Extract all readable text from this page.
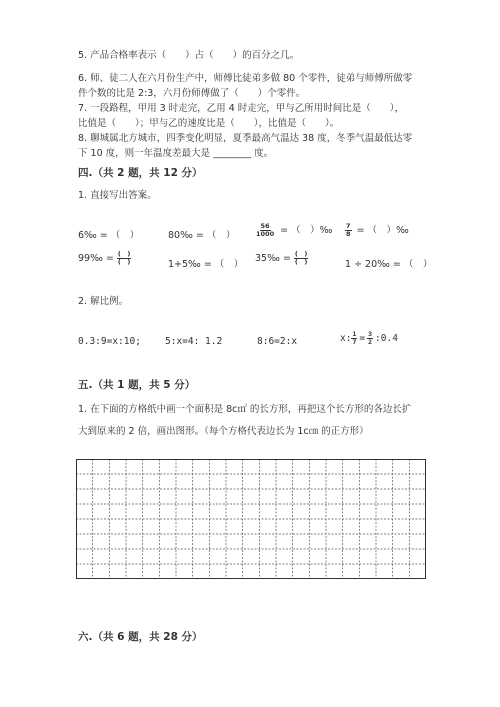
5. 产品合格率表示（　　）占（　　）的百分之几。
6. 师、徒二人在六月份生产中，师傅比徒弟多做 80 个零件，徒弟与师傅所做零
件个数的比是 2:3，六月份师傅做了（　　）个零件。
7. 一段路程，甲用 3 时走完，乙用 4 时走完，甲与乙所用时间比是（　　），
比值是（　　）；甲与乙的速度比是（　　），比值是（　　）。
8. 聊城属北方城市，四季变化明显，夏季最高气温达 38 度，冬季气温最低达零
下 10 度，则一年温度差最大是 ________ 度。
四.（共 2 题，共 12 分）
1. 直接写出答案。
6‰ = （　）	80‰ = （　）	$\frac{56}{1000}$ = （　）‰ $\frac{7}{8}$ = （　）‰
99‰ = $\frac{( )}{( )}$	1+5‰ = （　）
35‰ = $\frac{( )}{( )}$	1 ÷ 20‰ = （　）
2. 解比例。
0.3:9=x:10;	5:x=4: 1.2	8:6=2:x	x: $\frac{1}{7} = \frac{3}{2}$ :0.4
五.（共 1 题，共 5 分）
1. 在下面的方格纸中画一个面积是 8c㎡ 的长方形，再把这个长方形的各边长扩
大到原来的 2 倍，画出图形。（每个方格代表边长为 1c㎝ 的正方形）
六.（共 6 题，共 28 分）
